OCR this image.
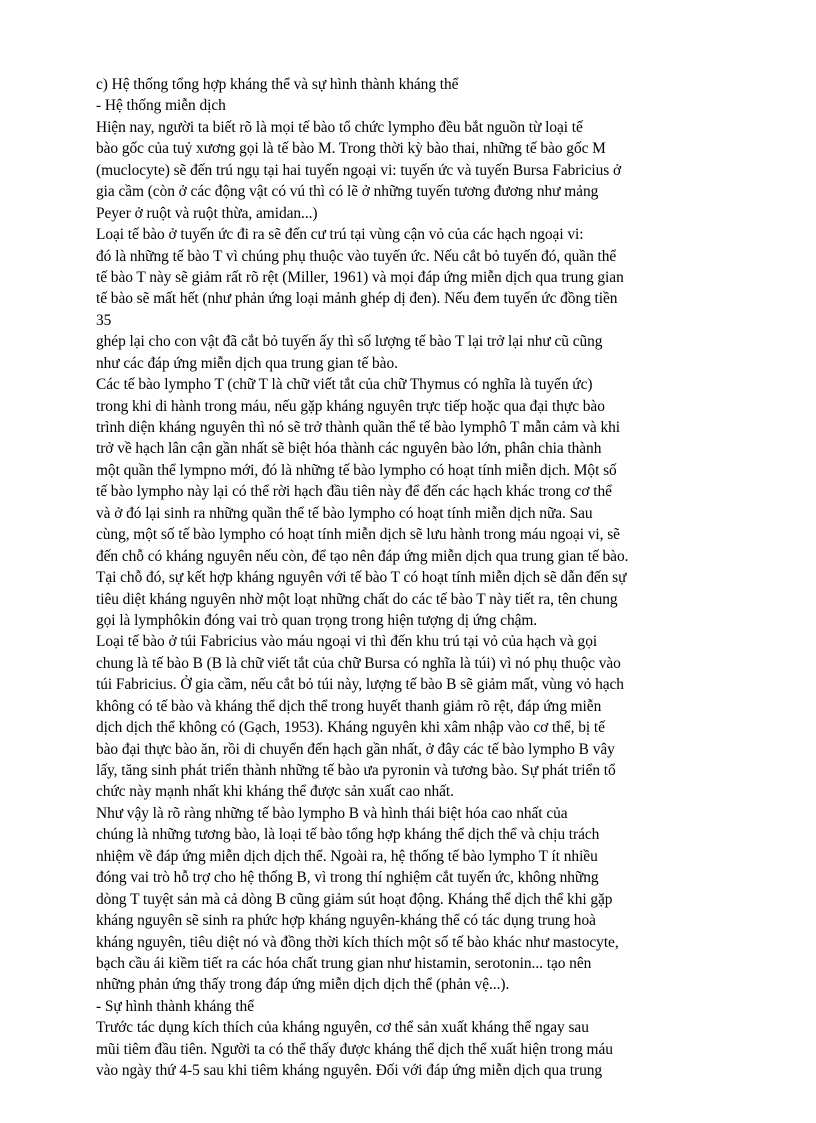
c) Hệ thống tổng hợp kháng thể và sự hình thành kháng thể
- Hệ thống miễn dịch
Hiện nay, người ta biết rõ là mọi tế bào tổ chức lympho đều bắt nguồn từ loại tế
bào gốc của tuỷ xương gọi là tế bào M. Trong thời kỳ bào thai, những tế bào gốc M
(muclocyte) sẽ đến trú ngụ tại hai tuyến ngoại vi: tuyến ức và tuyến Bursa Fabricius ở
gia cầm (còn ở các động vật có vú thì có lẽ ở những tuyến tương đương như mảng
Peyer ở ruột và ruột thừa, amidan...)
Loại tế bào ở tuyến ức đi ra sẽ đến cư trú tại vùng cận vỏ của các hạch ngoại vi:
đó là những tế bào T vì chúng phụ thuộc vào tuyến ức. Nếu cắt bỏ tuyến đó, quần thể
tế bào T này sẽ giảm rất rõ rệt (Miller, 1961) và mọi đáp ứng miễn dịch qua trung gian
tế bào sẽ mất hết (như phản ứng loại mảnh ghép dị đen). Nếu đem tuyến ức đồng tiền
35
ghép lại cho con vật đã cắt bỏ tuyến ấy thì số lượng tế bào T lại trở lại như cũ cũng
như các đáp ứng miễn dịch qua trung gian tế bào.
Các tế bào lympho T (chữ T là chữ viết tắt của chữ Thymus có nghĩa là tuyến ức)
trong khi di hành trong máu, nếu gặp kháng nguyên trực tiếp hoặc qua đại thực bào
trình diện kháng nguyên thì nó sẽ trở thành quần thể tế bào lymphô T mẫn cảm và khi
trở về hạch lân cận gần nhất sẽ biệt hóa thành các nguyên bào lớn, phân chia thành
một quần thể lympno mới, đó là những tế bào lympho có hoạt tính miễn dịch. Một số
tế bào lympho này lại có thể rời hạch đầu tiên này để đến các hạch khác trong cơ thể
và ở đó lại sinh ra những quần thể tế bào lympho có hoạt tính miễn dịch nữa. Sau
cùng, một số tế bào lympho có hoạt tính miễn dịch sẽ lưu hành trong máu ngoại vi, sẽ
đến chỗ có kháng nguyên nếu còn, để tạo nên đáp ứng miễn dịch qua trung gian tế bào.
Tại chỗ đó, sự kết hợp kháng nguyên với tế bào T có hoạt tính miễn dịch sẽ dẫn đến sự
tiêu diệt kháng nguyên nhờ một loạt những chất do các tế bào T này tiết ra, tên chung
gọi là lymphôkin đóng vai trò quan trọng trong hiện tượng dị ứng chậm.
Loại tế bào ở túi Fabricius vào máu ngoại vi thì đến khu trú tại vỏ của hạch và gọi
chung là tế bào B (B là chữ viết tắt của chữ Bursa có nghĩa là túi) vì nó phụ thuộc vào
túi Fabricius. Ở gia cầm, nếu cắt bỏ túi này, lượng tế bào B sẽ giảm mất, vùng vỏ hạch
không có tế bào và kháng thể dịch thể trong huyết thanh giảm rõ rệt, đáp ứng miễn
dịch dịch thể không có (Gạch, 1953). Kháng nguyên khi xâm nhập vào cơ thể, bị tế
bào đại thực bào ăn, rồi di chuyển đến hạch gần nhất, ở đây các tế bào lympho B vây
lấy, tăng sinh phát triển thành những tế bào ưa pyronin và tương bào. Sự phát triển tổ
chức này mạnh nhất khi kháng thể được sản xuất cao nhất.
Như vậy là rõ ràng những tế bào lympho B và hình thái biệt hóa cao nhất của
chúng là những tương bào, là loại tế bào tổng hợp kháng thể dịch thể và chịu trách
nhiệm về đáp ứng miễn dịch dịch thể. Ngoài ra, hệ thống tế bào lympho T ít nhiều
đóng vai trò hỗ trợ cho hệ thống B, vì trong thí nghiệm cắt tuyến ức, không những
dòng T tuyệt sản mà cả dòng B cũng giảm sút hoạt động. Kháng thể dịch thể khi gặp
kháng nguyên sẽ sinh ra phức hợp kháng nguyên-kháng thể có tác dụng trung hoà
kháng nguyên, tiêu diệt nó và đồng thời kích thích một số tế bào khác như mastocyte,
bạch cầu ái kiềm tiết ra các hóa chất trung gian như histamin, serotonin... tạo nên
những phản ứng thấy trong đáp ứng miễn dịch dịch thể (phản vệ...).
- Sự hình thành kháng thể
Trước tác dụng kích thích của kháng nguyên, cơ thể sản xuất kháng thể ngay sau
mũi tiêm đầu tiên. Người ta có thể thấy được kháng thể dịch thể xuất hiện trong máu
vào ngày thứ 4-5 sau khi tiêm kháng nguyên. Đối với đáp ứng miễn dịch qua trung
